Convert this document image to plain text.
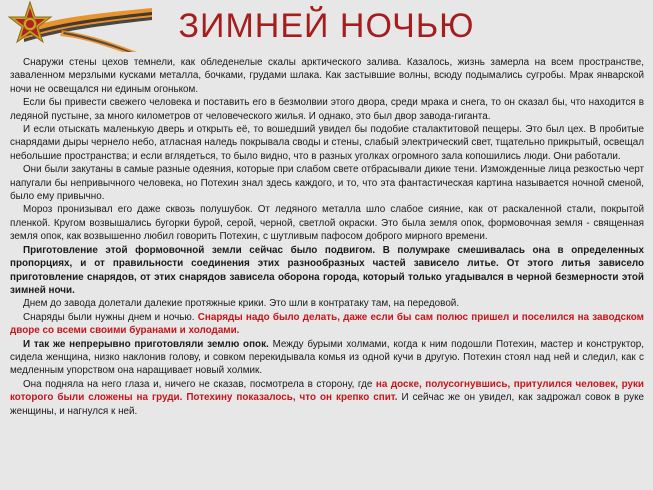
ЗИМНЕЙ НОЧЬЮ

Снаружи стены цехов темнели, как обледенелые скалы арктического залива. Казалось, жизнь замерла на всем пространстве, заваленном мерзлыми кусками металла, бочками, грудами шлака. Как застывшие волны, всюду подымались сугробы. Мрак январской ночи не освещался ни единым огоньком.

Если бы привести свежего человека и поставить его в безмолвии этого двора, среди мрака и снега, то он сказал бы, что находится в ледяной пустыне, за много километров от человеческого жилья. И однако, это был двор завода-гиганта.

И если отыскать маленькую дверь и открыть её, то вошедший увидел бы подобие сталактитовой пещеры. Это был цех. В пробитые снарядами дыры чернело небо, атласная наледь покрывала своды и стены, слабый электрический свет, тщательно прикрытый, освещал небольшие пространства; и если вглядеться, то было видно, что в разных уголках огромного зала копошились люди. Они работали.

Они были закутаны в самые разные одеяния, которые при слабом свете отбрасывали дикие тени. Изможденные лица резкостью черт напугали бы непривычного человека, но Потехин знал здесь каждого, и то, что эта фантастическая картина называется ночной сменой, было ему привычно.

Мороз пронизывал его даже сквозь полушубок. От ледяного металла шло слабое сияние, как от раскаленной стали, покрытой пленкой. Кругом возвышались бугорки бурой, серой, черной, светлой окраски. Это была земля опок, формовочная земля - священная земля опок, как возвышенно любил говорить Потехин, с шутливым пафосом доброго мирного времени.

Приготовление этой формовочной земли сейчас было подвигом. В полумраке смешивалась она в определенных пропорциях, и от правильности соединения этих разнообразных частей зависело литье. От этого литья зависело приготовление снарядов, от этих снарядов зависела оборона города, который только угадывался в черной безмерности этой зимней ночи.

Днем до завода долетали далекие протяжные крики. Это шли в контратаку там, на передовой.

Снаряды были нужны днем и ночью. Снаряды надо было делать, даже если бы сам полюс пришел и поселился на заводском дворе со всеми своими буранами и холодами.

И так же непрерывно приготовляли землю опок. Между бурыми холмами, когда к ним подошли Потехин, мастер и конструктор, сидела женщина, низко наклонив голову, и совком перекидывала комья из одной кучи в другую. Потехин стоял над ней и следил, как с медленным упорством она наращивает новый холмик.

Она подняла на него глаза и, ничего не сказав, посмотрела в сторону, где на доске, полусогнувшись, притулился человек, руки которого были сложены на груди. Потехину показалось, что он крепко спит. И сейчас же он увидел, как задрожал совок в руке женщины, и нагнулся к ней.
